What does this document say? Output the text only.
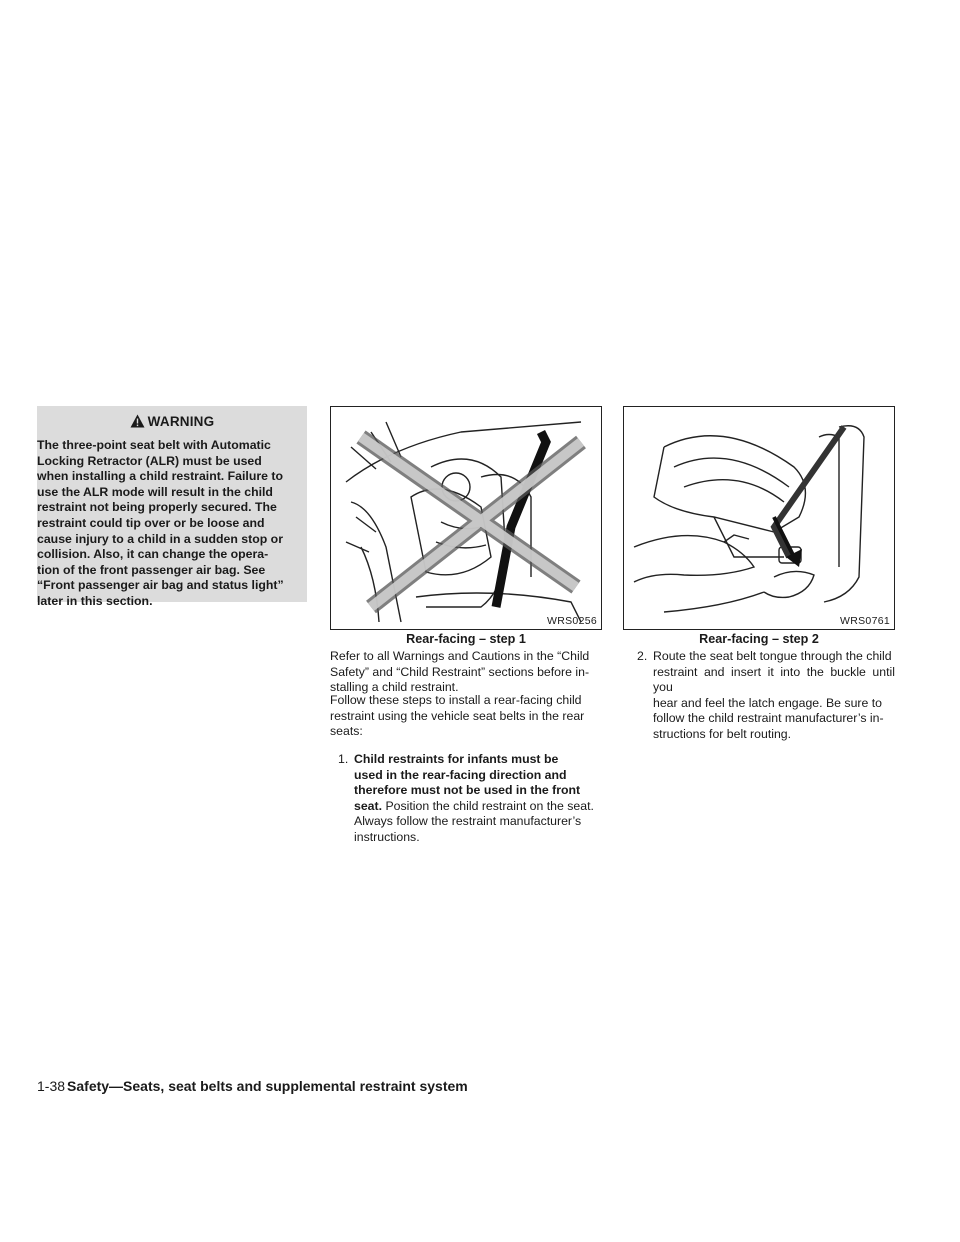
WARNING
The three-point seat belt with Automatic
Locking Retractor (ALR) must be used
when installing a child restraint. Failure to
use the ALR mode will result in the child
restraint not being properly secured. The
restraint could tip over or be loose and
cause injury to a child in a sudden stop or
collision. Also, it can change the opera-
tion of the front passenger air bag. See
“Front passenger air bag and status light”
later in this section.
WRS0256
Rear-facing – step 1
WRS0761
Rear-facing – step 2
Refer to all Warnings and Cautions in the “Child
Safety” and “Child Restraint” sections before in-
stalling a child restraint.
Follow these steps to install a rear-facing child
restraint using the vehicle seat belts in the rear
seats:

1. Child restraints for infants must be
used in the rear-facing direction and
therefore must not be used in the front
seat. Position the child restraint on the seat.
Always follow the restraint manufacturer’s
instructions.

2. Route the seat belt tongue through the child
restraint and insert it into the buckle until you
hear and feel the latch engage. Be sure to
follow the child restraint manufacturer’s in-
structions for belt routing.

1-38 Safety—Seats, seat belts and supplemental restraint system
